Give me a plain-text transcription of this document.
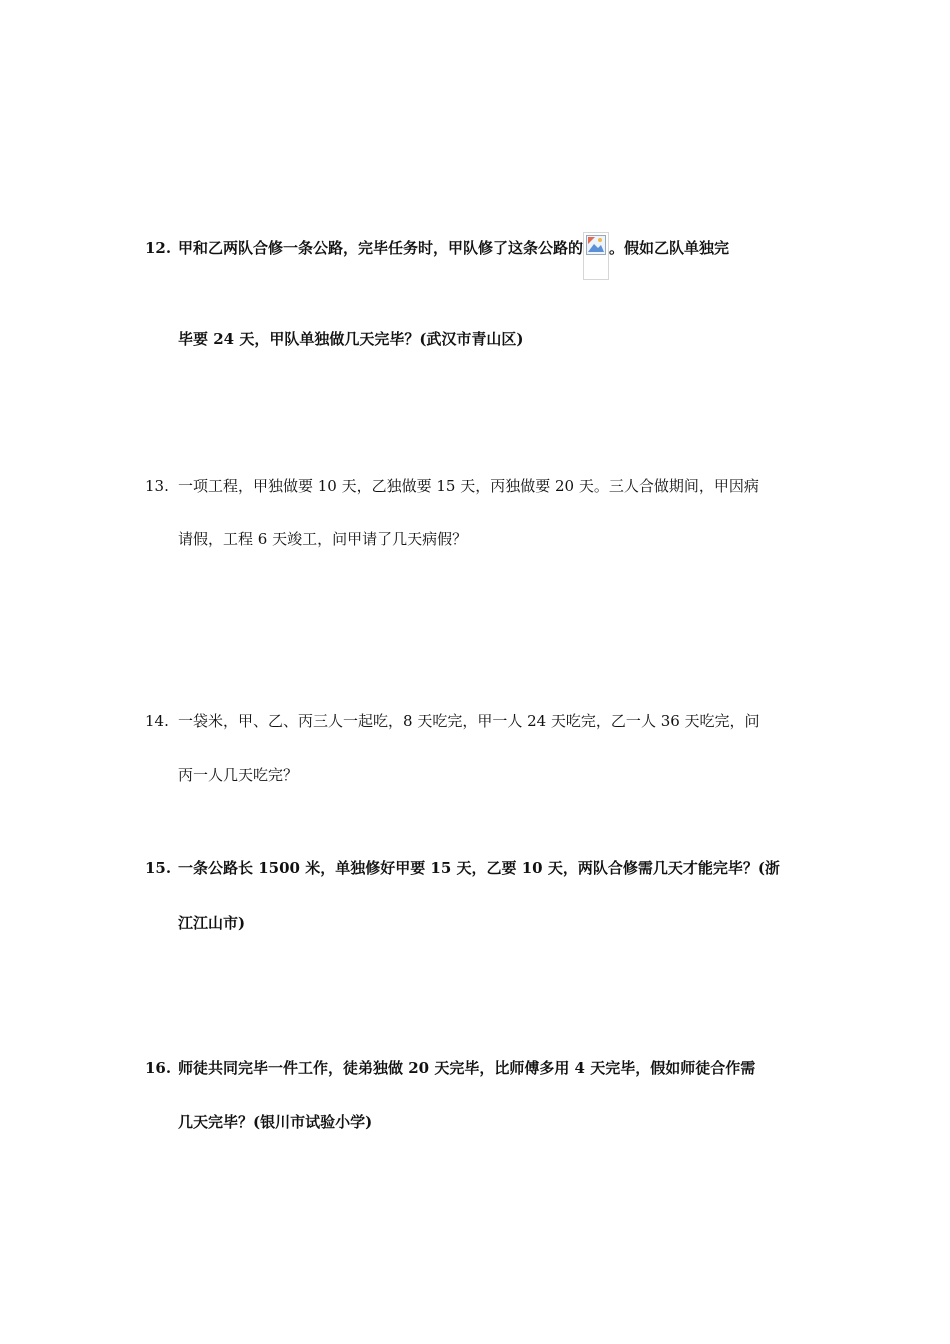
12. 甲和乙两队合修一条公路，完毕任务时，甲队修了这条公路的 。假如乙队单独完
毕要 24 天，甲队单独做几天完毕？(武汉市青山区)
13. 一项工程，甲独做要 10 天，乙独做要 15 天，丙独做要 20 天。三人合做期间，甲因病
请假，工程 6 天竣工，问甲请了几天病假？
14. 一袋米，甲、乙、丙三人一起吃，8 天吃完，甲一人 24 天吃完，乙一人 36 天吃完，问
丙一人几天吃完？
15. 一条公路长 1500 米，单独修好甲要 15 天，乙要 10 天，两队合修需几天才能完毕？(浙
江江山市)
16. 师徒共同完毕一件工作，徒弟独做 20 天完毕，比师傅多用 4 天完毕，假如师徒合作需
几天完毕？(银川市试验小学)
